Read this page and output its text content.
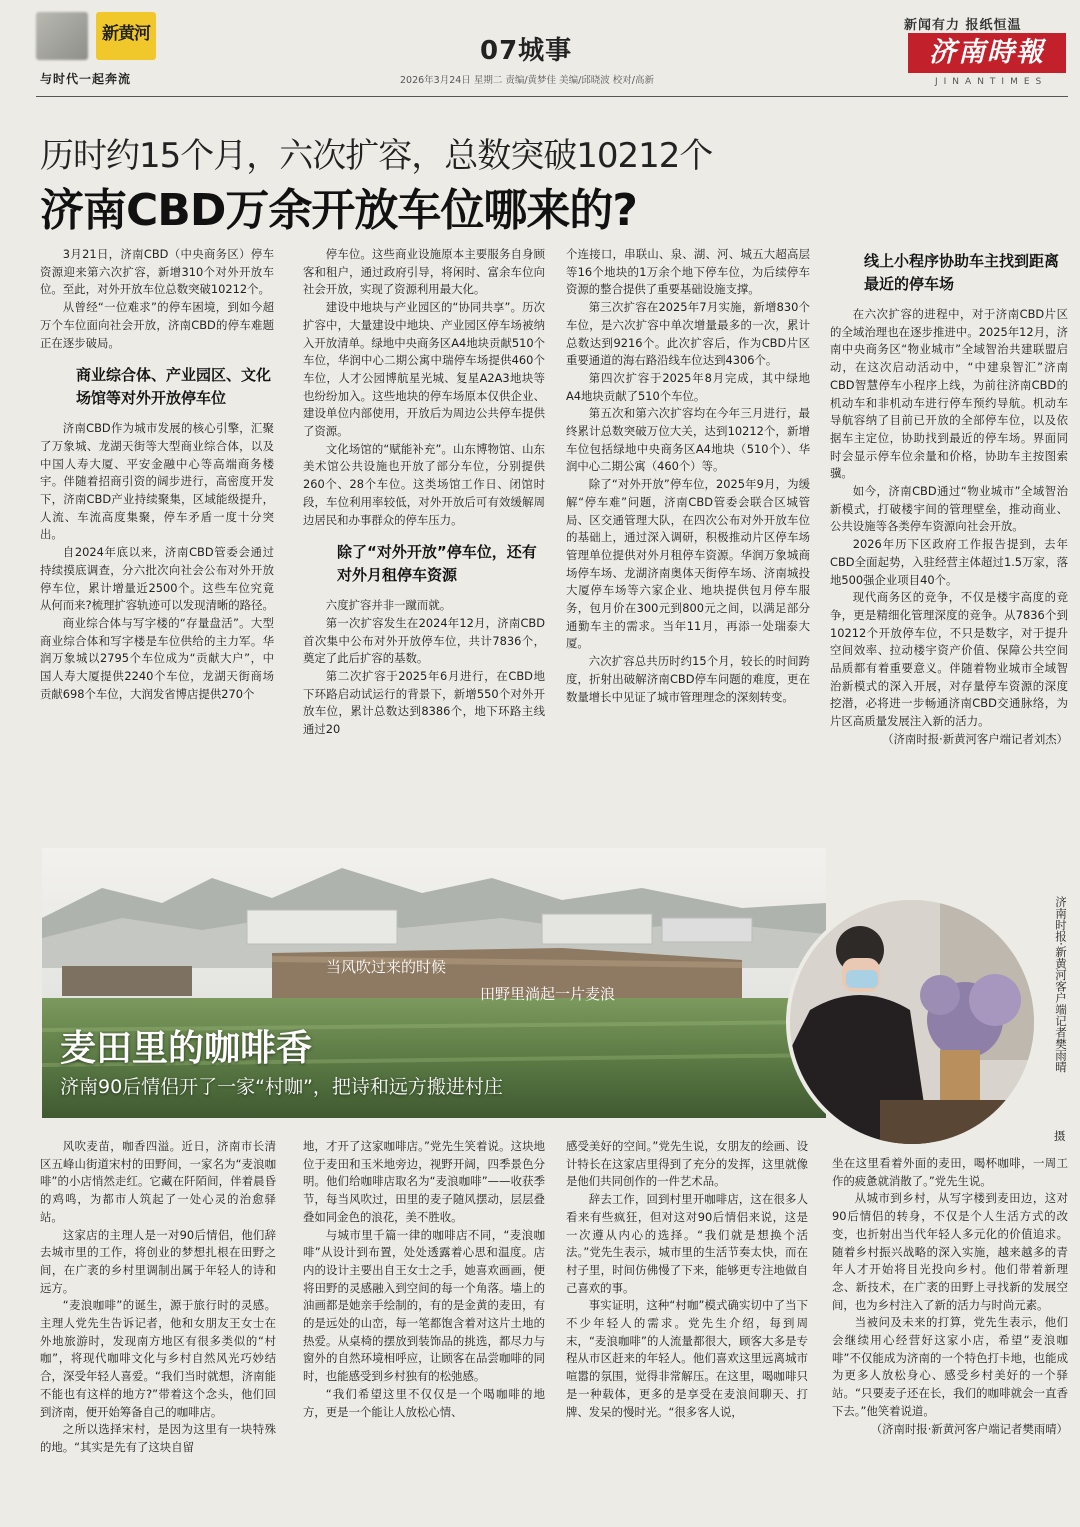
新黄河
与时代一起奔流
07城事
2026年3月24日 星期二 责编/黄梦佳 美编/邱晓波 校对/高新
新闻有力 报纸恒温
济南時報
JINANTIMES
历时约15个月，六次扩容，总数突破10212个
济南CBD万余开放车位哪来的?

3月21日，济南CBD（中央商务区）停车资源迎来第六次扩容，新增310个对外开放车位。至此，对外开放车位总数突破10212个。

从曾经“一位难求”的停车困境，到如今超万个车位面向社会开放，济南CBD的停车难题正在逐步破局。

商业综合体、产业园区、文化场馆等对外开放停车位

济南CBD作为城市发展的核心引擎，汇聚了万象城、龙湖天街等大型商业综合体，以及中国人寿大厦、平安金融中心等高端商务楼宇。伴随着招商引资的阔步进行，高密度开发下，济南CBD产业持续聚集，区域能级提升，人流、车流高度集聚，停车矛盾一度十分突出。

自2024年底以来，济南CBD管委会通过持续摸底调查，分六批次向社会公布对外开放停车位，累计增量近2500个。这些车位究竟从何而来?梳理扩容轨迹可以发现清晰的路径。

商业综合体与写字楼的“存量盘活”。大型商业综合体和写字楼是车位供给的主力军。华润万象城以2795个车位成为“贡献大户”，中国人寿大厦提供2240个车位，龙湖天街商场贡献698个车位，大润发省博店提供270个

停车位。这些商业设施原本主要服务自身顾客和租户，通过政府引导，将闲时、富余车位向社会开放，实现了资源利用最大化。

建设中地块与产业园区的“协同共享”。历次扩容中，大量建设中地块、产业园区停车场被纳入开放清单。绿地中央商务区A4地块贡献510个车位，华润中心二期公寓中瑞停车场提供460个车位，人才公园博航星光城、复星A2A3地块等也纷纷加入。这些地块的停车场原本仅供企业、建设单位内部使用，开放后为周边公共停车提供了资源。

文化场馆的“赋能补充”。山东博物馆、山东美术馆公共设施也开放了部分车位，分别提供260个、28个车位。这类场馆工作日、闭馆时段，车位利用率较低，对外开放后可有效缓解周边居民和办事群众的停车压力。

除了“对外开放”停车位，还有对外月租停车资源

六度扩容并非一蹴而就。

第一次扩容发生在2024年12月，济南CBD首次集中公布对外开放停车位，共计7836个，奠定了此后扩容的基数。

第二次扩容于2025年6月进行，在CBD地下环路启动试运行的背景下，新增550个对外开放车位，累计总数达到8386个，地下环路主线通过20

个连接口，串联山、泉、湖、河、城五大超高层等16个地块的1万余个地下停车位，为后续停车资源的整合提供了重要基础设施支撑。

第三次扩容在2025年7月实施，新增830个车位，是六次扩容中单次增量最多的一次，累计总数达到9216个。此次扩容后，作为CBD片区重要通道的海右路沿线车位达到4306个。

第四次扩容于2025年8月完成，其中绿地A4地块贡献了510个车位。

第五次和第六次扩容均在今年三月进行，最终累计总数突破万位大关，达到10212个，新增车位包括绿地中央商务区A4地块（510个）、华润中心二期公寓（460个）等。

除了“对外开放”停车位，2025年9月，为缓解“停车难”问题，济南CBD管委会联合区城管局、区交通管理大队，在四次公布对外开放车位的基础上，通过深入调研，积极推动片区停车场管理单位提供对外月租停车资源。华润万象城商场停车场、龙湖济南奥体天街停车场、济南城投大厦停车场等六家企业、地块提供包月停车服务，包月价在300元到800元之间，以满足部分通勤车主的需求。当年11月，再添一处瑞泰大厦。

六次扩容总共历时约15个月，较长的时间跨度，折射出破解济南CBD停车问题的难度，更在数量增长中见证了城市管理理念的深刻转变。

线上小程序协助车主找到距离最近的停车场

在六次扩容的进程中，对于济南CBD片区的全域治理也在逐步推进中。2025年12月，济南中央商务区“物业城市”全域智治共建联盟启动，在这次启动活动中，“中建泉智汇”济南CBD智慧停车小程序上线，为前往济南CBD的机动车和非机动车进行停车预约导航。机动车导航容纳了目前已开放的全部停车位，以及依据车主定位，协助找到最近的停车场。界面同时会显示停车位余量和价格，协助车主按图索骥。

如今，济南CBD通过“物业城市”全域智治新模式，打破楼宇间的管理壁垒，推动商业、公共设施等各类停车资源向社会开放。

2026年历下区政府工作报告提到，去年CBD全面起势，入驻经营主体超过1.5万家，落地500强企业项目40个。

现代商务区的竞争，不仅是楼宇高度的竞争，更是精细化管理深度的竞争。从7836个到10212个开放停车位，不只是数字，对于提升空间效率、拉动楼宇资产价值、保障公共空间品质都有着重要意义。伴随着物业城市全域智治新模式的深入开展，对存量停车资源的深度挖潜，必将进一步畅通济南CBD交通脉络，为片区高质量发展注入新的活力。

（济南时报·新黄河客户端记者刘杰）

当风吹过来的时候
田野里淌起一片麦浪
麦田里的咖啡香
济南90后情侣开了一家“村咖”，把诗和远方搬进村庄
济南时报·新黄河客户端记者樊雨晴
摄

风吹麦苗，咖香四溢。近日，济南市长清区五峰山街道宋村的田野间，一家名为“麦浪咖啡”的小店悄然走红。它藏在阡陌间，伴着晨昏的鸡鸣，为都市人筑起了一处心灵的治愈驿站。

这家店的主理人是一对90后情侣，他们辞去城市里的工作，将创业的梦想扎根在田野之间，在广袤的乡村里调制出属于年轻人的诗和远方。

“麦浪咖啡”的诞生，源于旅行时的灵感。主理人党先生告诉记者，他和女朋友王女士在外地旅游时，发现南方地区有很多类似的“村咖”，将现代咖啡文化与乡村自然风光巧妙结合，深受年轻人喜爱。“我们当时就想，济南能不能也有这样的地方?”带着这个念头，他们回到济南，便开始筹备自己的咖啡店。

之所以选择宋村，是因为这里有一块特殊的地。“其实是先有了这块自留

地，才开了这家咖啡店。”党先生笑着说。这块地位于麦田和玉米地旁边，视野开阔，四季景色分明。他们给咖啡店取名为“麦浪咖啡”——收获季节，每当风吹过，田里的麦子随风摆动，层层叠叠如同金色的浪花，美不胜收。

与城市里千篇一律的咖啡店不同，“麦浪咖啡”从设计到布置，处处透露着心思和温度。店内的设计主要出自王女士之手，她喜欢画画，便将田野的灵感融入到空间的每一个角落。墙上的油画都是她亲手绘制的，有的是金黄的麦田，有的是远处的山峦，每一笔都饱含着对这片土地的热爱。从桌椅的摆放到装饰品的挑选，都尽力与窗外的自然环境相呼应，让顾客在品尝咖啡的同时，也能感受到乡村独有的松弛感。

“我们希望这里不仅仅是一个喝咖啡的地方，更是一个能让人放松心情、

感受美好的空间。”党先生说，女朋友的绘画、设计特长在这家店里得到了充分的发挥，这里就像是他们共同创作的一件艺术品。

辞去工作，回到村里开咖啡店，这在很多人看来有些疯狂，但对这对90后情侣来说，这是一次遵从内心的选择。“我们就是想换个活法。”党先生表示，城市里的生活节奏太快，而在村子里，时间仿佛慢了下来，能够更专注地做自己喜欢的事。

事实证明，这种“村咖”模式确实切中了当下不少年轻人的需求。党先生介绍，每到周末，“麦浪咖啡”的人流量都很大，顾客大多是专程从市区赶来的年轻人。他们喜欢这里远离城市喧嚣的氛围，觉得非常解压。在这里，喝咖啡只是一种载体，更多的是享受在麦浪间聊天、打牌、发呆的慢时光。“很多客人说，

坐在这里看着外面的麦田，喝杯咖啡，一周工作的疲惫就消散了。”党先生说。

从城市到乡村，从写字楼到麦田边，这对90后情侣的转身，不仅是个人生活方式的改变，也折射出当代年轻人多元化的价值追求。随着乡村振兴战略的深入实施，越来越多的青年人才开始将目光投向乡村。他们带着新理念、新技术，在广袤的田野上寻找新的发展空间，也为乡村注入了新的活力与时尚元素。

当被问及未来的打算，党先生表示，他们会继续用心经营好这家小店，希望“麦浪咖啡”不仅能成为济南的一个特色打卡地，也能成为更多人放松身心、感受乡村美好的一个驿站。“只要麦子还在长，我们的咖啡就会一直香下去。”他笑着说道。

（济南时报·新黄河客户端记者樊雨晴）
